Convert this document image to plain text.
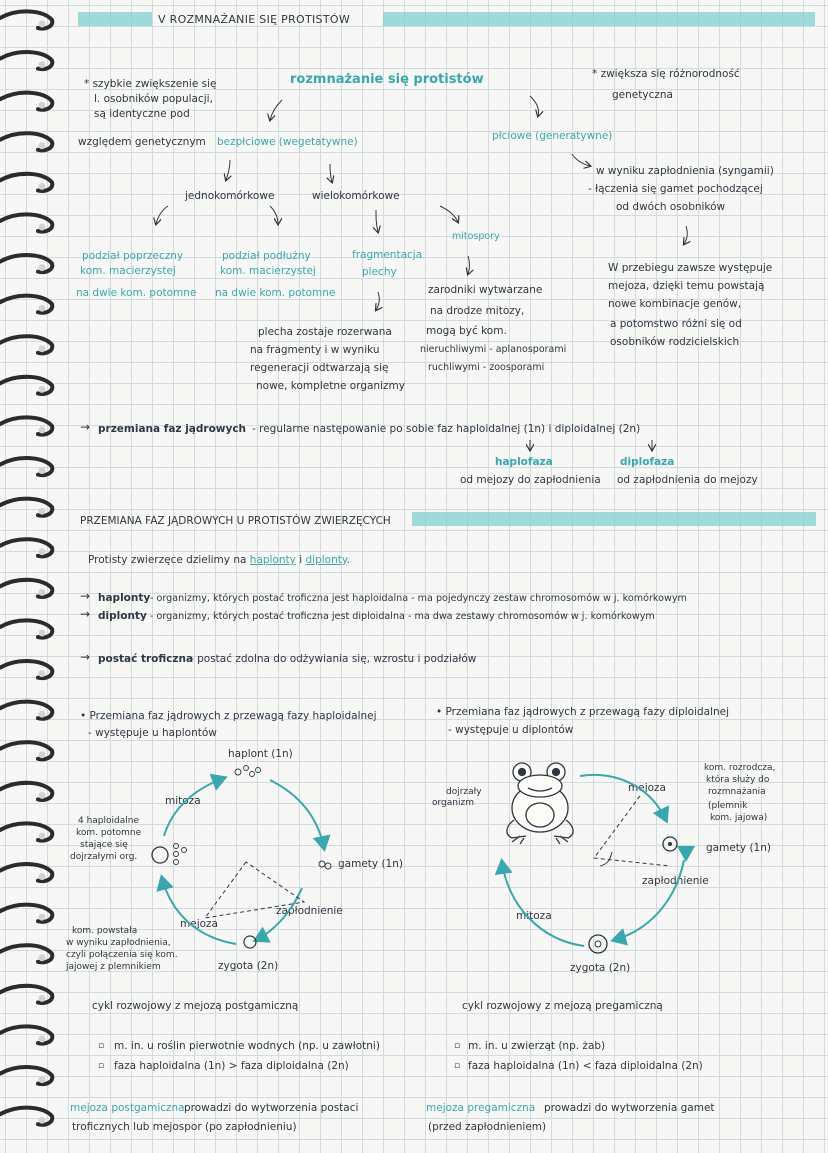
V ROZMNAŻANIE SIĘ PROTISTÓW
rozmnażanie się protistów
* szybkie zwiększenie się
l. osobników populacji,
są identyczne pod
względem genetycznym bezpłciowe (wegetatywne)
* zwiększa się różnorodność
genetyczna
płciowe (generatywne)
jednokomórkowe	wielokomórkowe
mitospory
podział poprzeczny
kom. macierzystej
na dwie kom. potomne
podział podłużny
kom. macierzystej
na dwie kom. potomne
fragmentacja
plechy
plecha zostaje rozerwana
na fragmenty i w wyniku
regeneracji odtwarzają się
nowe, kompletne organizmy
zarodniki wytwarzane
na drodze mitozy,
mogą być kom.
nieruchliwymi - aplanosporami
ruchliwymi - zoosporami
w wyniku zapłodnienia (syngamii)
- łączenia się gamet pochodzącej
od dwóch osobników
W przebiegu zawsze występuje
mejoza, dzięki temu powstają
nowe kombinacje genów,
a potomstwo różni się od
osobników rodzicielskich
→ przemiana faz jądrowych - regularne następowanie po sobie faz haploidalnej (1n) i diploidalnej (2n)
haplofaza
od mejozy do zapłodnienia
diplofaza
od zapłodnienia do mejozy
PRZEMIANA FAZ JĄDROWYCH U PROTISTÓW ZWIERZĘCYCH
Protisty zwierzęce dzielimy na haplonty i diplonty.
→ haplonty - organizmy, których postać troficzna jest haploidalna - ma pojedynczy zestaw chromosomów w j. komórkowym
→ diplonty - organizmy, których postać troficzna jest diploidalna - ma dwa zestawy chromosomów w j. komórkowym
→ postać troficzna
- postać zdolna do odżywiania się, wzrostu i podziałów
• Przemiana faz jądrowych z przewagą fazy haploidalnej
- występuje u haplontów
haplont (1n)
mitoza
4 haploidalne
kom. potomne
stające się
dojrzałymi org.
gamety (1n)
zapłodnienie
mejoza
kom. powstała
w wyniku zapłodnienia,
czyli połączenia się kom.
jajowej z plemnikiem	zygota (2n)
cykl rozwojowy z mejozą postgamiczną
▫ m. in. u roślin pierwotnie wodnych (np. u zawłotni)
▫ faza haploidalna (1n) > faza diploidalna (2n)
mejoza postgamiczna prowadzi do wytworzenia postaci
troficznych lub mejospor (po zapłodnieniu)
• Przemiana faz jądrowych z przewagą fazy diploidalnej
- występuje u diplontów
dojrzały
organizm
mejoza
kom. rozrodcza,
która służy do
rozmnażania
(plemnik
kom. jajowa)
gamety (1n)
zapłodnienie
mitoza
zygota (2n)
cykl rozwojowy z mejozą pregamiczną
▫ m. in. u zwierząt (np. żab)
▫ faza haploidalna (1n) < faza diploidalna (2n)
mejoza pregamiczna prowadzi do wytworzenia gamet
(przed zapłodnieniem)
